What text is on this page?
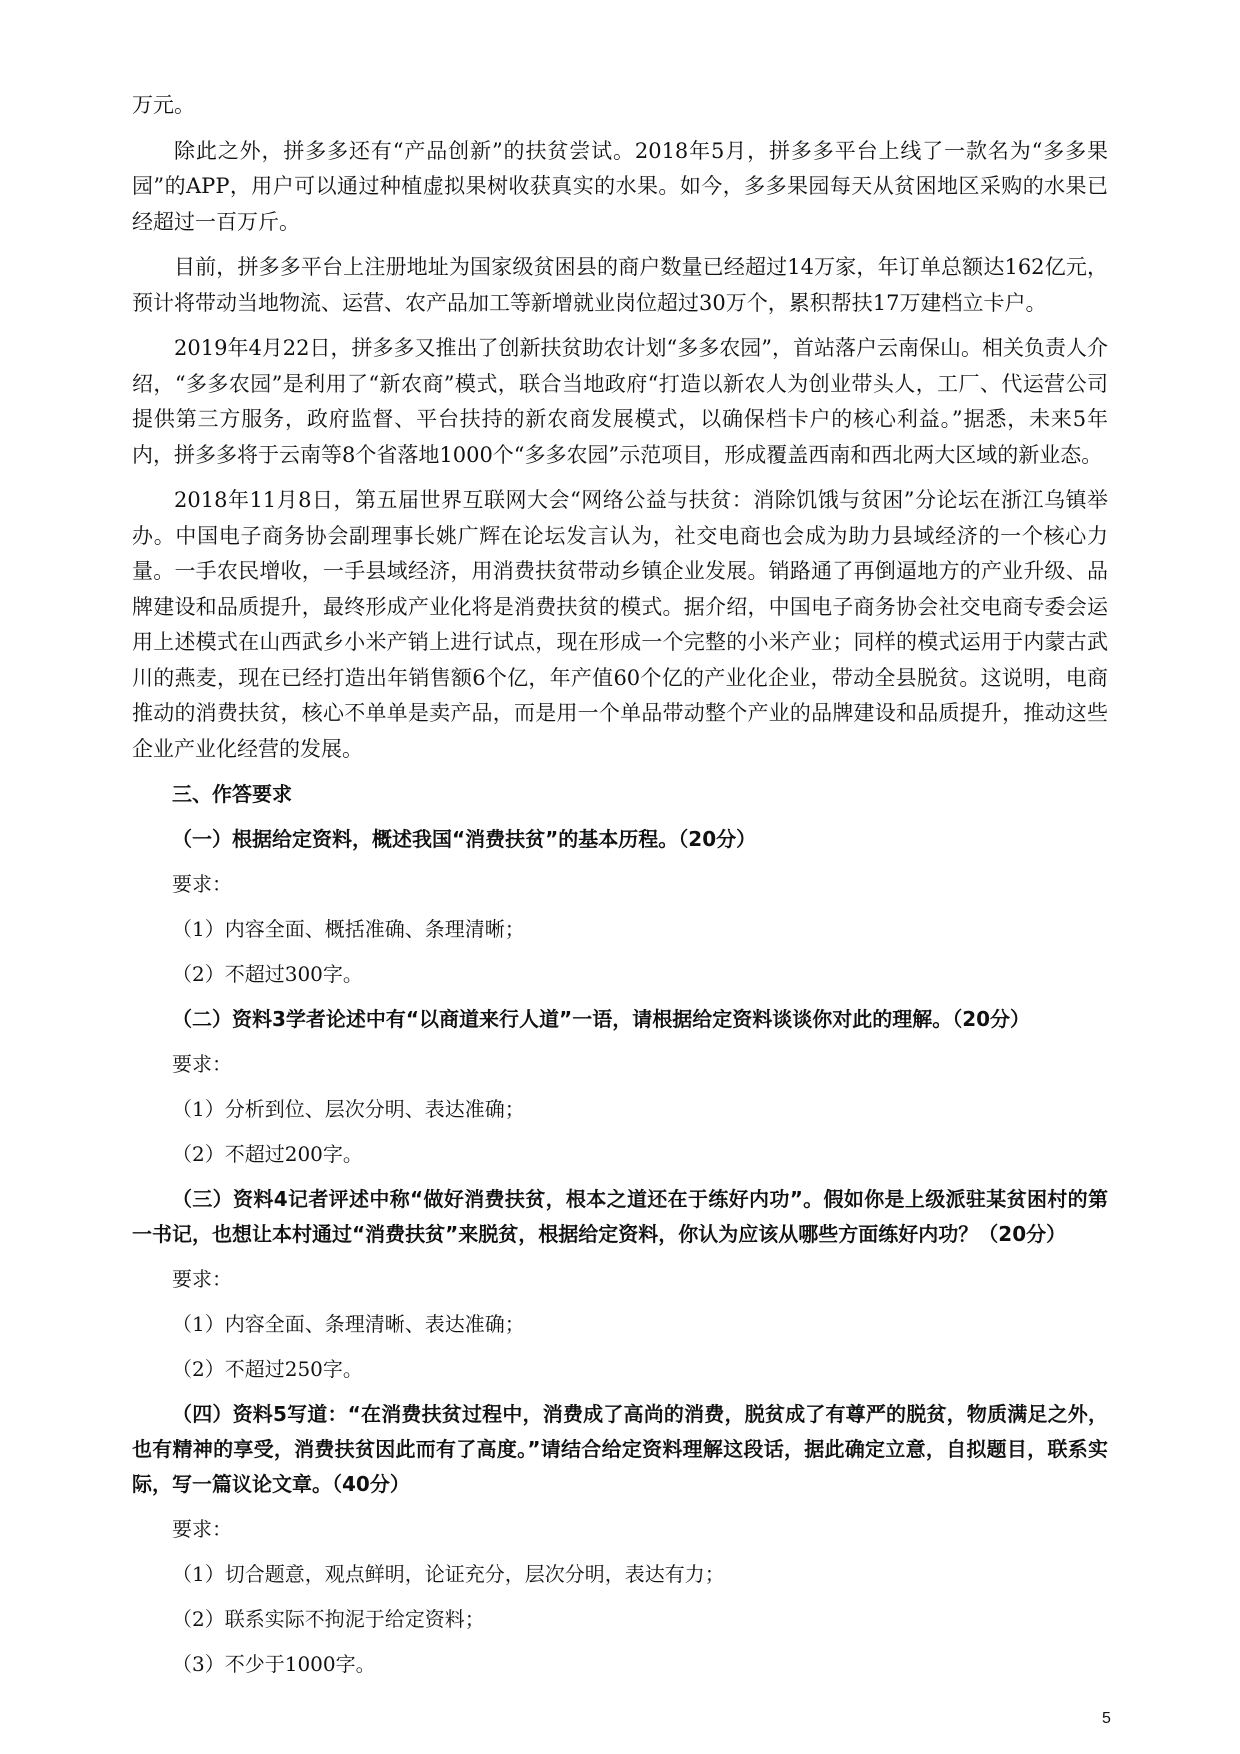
万元。

除此之外，拼多多还有“产品创新”的扶贫尝试。2018年5月，拼多多平台上线了一款名为“多多果园”的APP，用户可以通过种植虚拟果树收获真实的水果。如今，多多果园每天从贫困地区采购的水果已经超过一百万斤。

目前，拼多多平台上注册地址为国家级贫困县的商户数量已经超过14万家，年订单总额达162亿元，预计将带动当地物流、运营、农产品加工等新增就业岗位超过30万个，累积帮扶17万建档立卡户。

2019年4月22日，拼多多又推出了创新扶贫助农计划“多多农园”，首站落户云南保山。相关负责人介绍，“多多农园”是利用了“新农商”模式，联合当地政府“打造以新农人为创业带头人，工厂、代运营公司提供第三方服务，政府监督、平台扶持的新农商发展模式，以确保档卡户的核心利益。”据悉，未来5年内，拼多多将于云南等8个省落地1000个“多多农园”示范项目，形成覆盖西南和西北两大区域的新业态。

2018年11月8日，第五届世界互联网大会“网络公益与扶贫：消除饥饿与贫困”分论坛在浙江乌镇举办。中国电子商务协会副理事长姚广辉在论坛发言认为，社交电商也会成为助力县域经济的一个核心力量。一手农民增收，一手县域经济，用消费扶贫带动乡镇企业发展。销路通了再倒逼地方的产业升级、品牌建设和品质提升，最终形成产业化将是消费扶贫的模式。据介绍，中国电子商务协会社交电商专委会运用上述模式在山西武乡小米产销上进行试点，现在形成一个完整的小米产业；同样的模式运用于内蒙古武川的燕麦，现在已经打造出年销售额6个亿，年产值60个亿的产业化企业，带动全县脱贫。这说明，电商推动的消费扶贫，核心不单单是卖产品，而是用一个单品带动整个产业的品牌建设和品质提升，推动这些企业产业化经营的发展。

三、作答要求
（一）根据给定资料，概述我国“消费扶贫”的基本历程。（20分）
要求：
（1）内容全面、概括准确、条理清晰；
（2）不超过300字。
（二）资料3学者论述中有“以商道来行人道”一语，请根据给定资料谈谈你对此的理解。（20分）
要求：
（1）分析到位、层次分明、表达准确；
（2）不超过200字。
（三）资料4记者评述中称“做好消费扶贫，根本之道还在于练好内功”。假如你是上级派驻某贫困村的第一书记，也想让本村通过“消费扶贫”来脱贫，根据给定资料，你认为应该从哪些方面练好内功？（20分）
要求：
（1）内容全面、条理清晰、表达准确；
（2）不超过250字。
（四）资料5写道：“在消费扶贫过程中，消费成了高尚的消费，脱贫成了有尊严的脱贫，物质满足之外，也有精神的享受，消费扶贫因此而有了高度。”请结合给定资料理解这段话，据此确定立意，自拟题目，联系实际，写一篇议论文章。（40分）
要求：
（1）切合题意，观点鲜明，论证充分，层次分明，表达有力；
（2）联系实际不拘泥于给定资料；
（3）不少于1000字。
5
